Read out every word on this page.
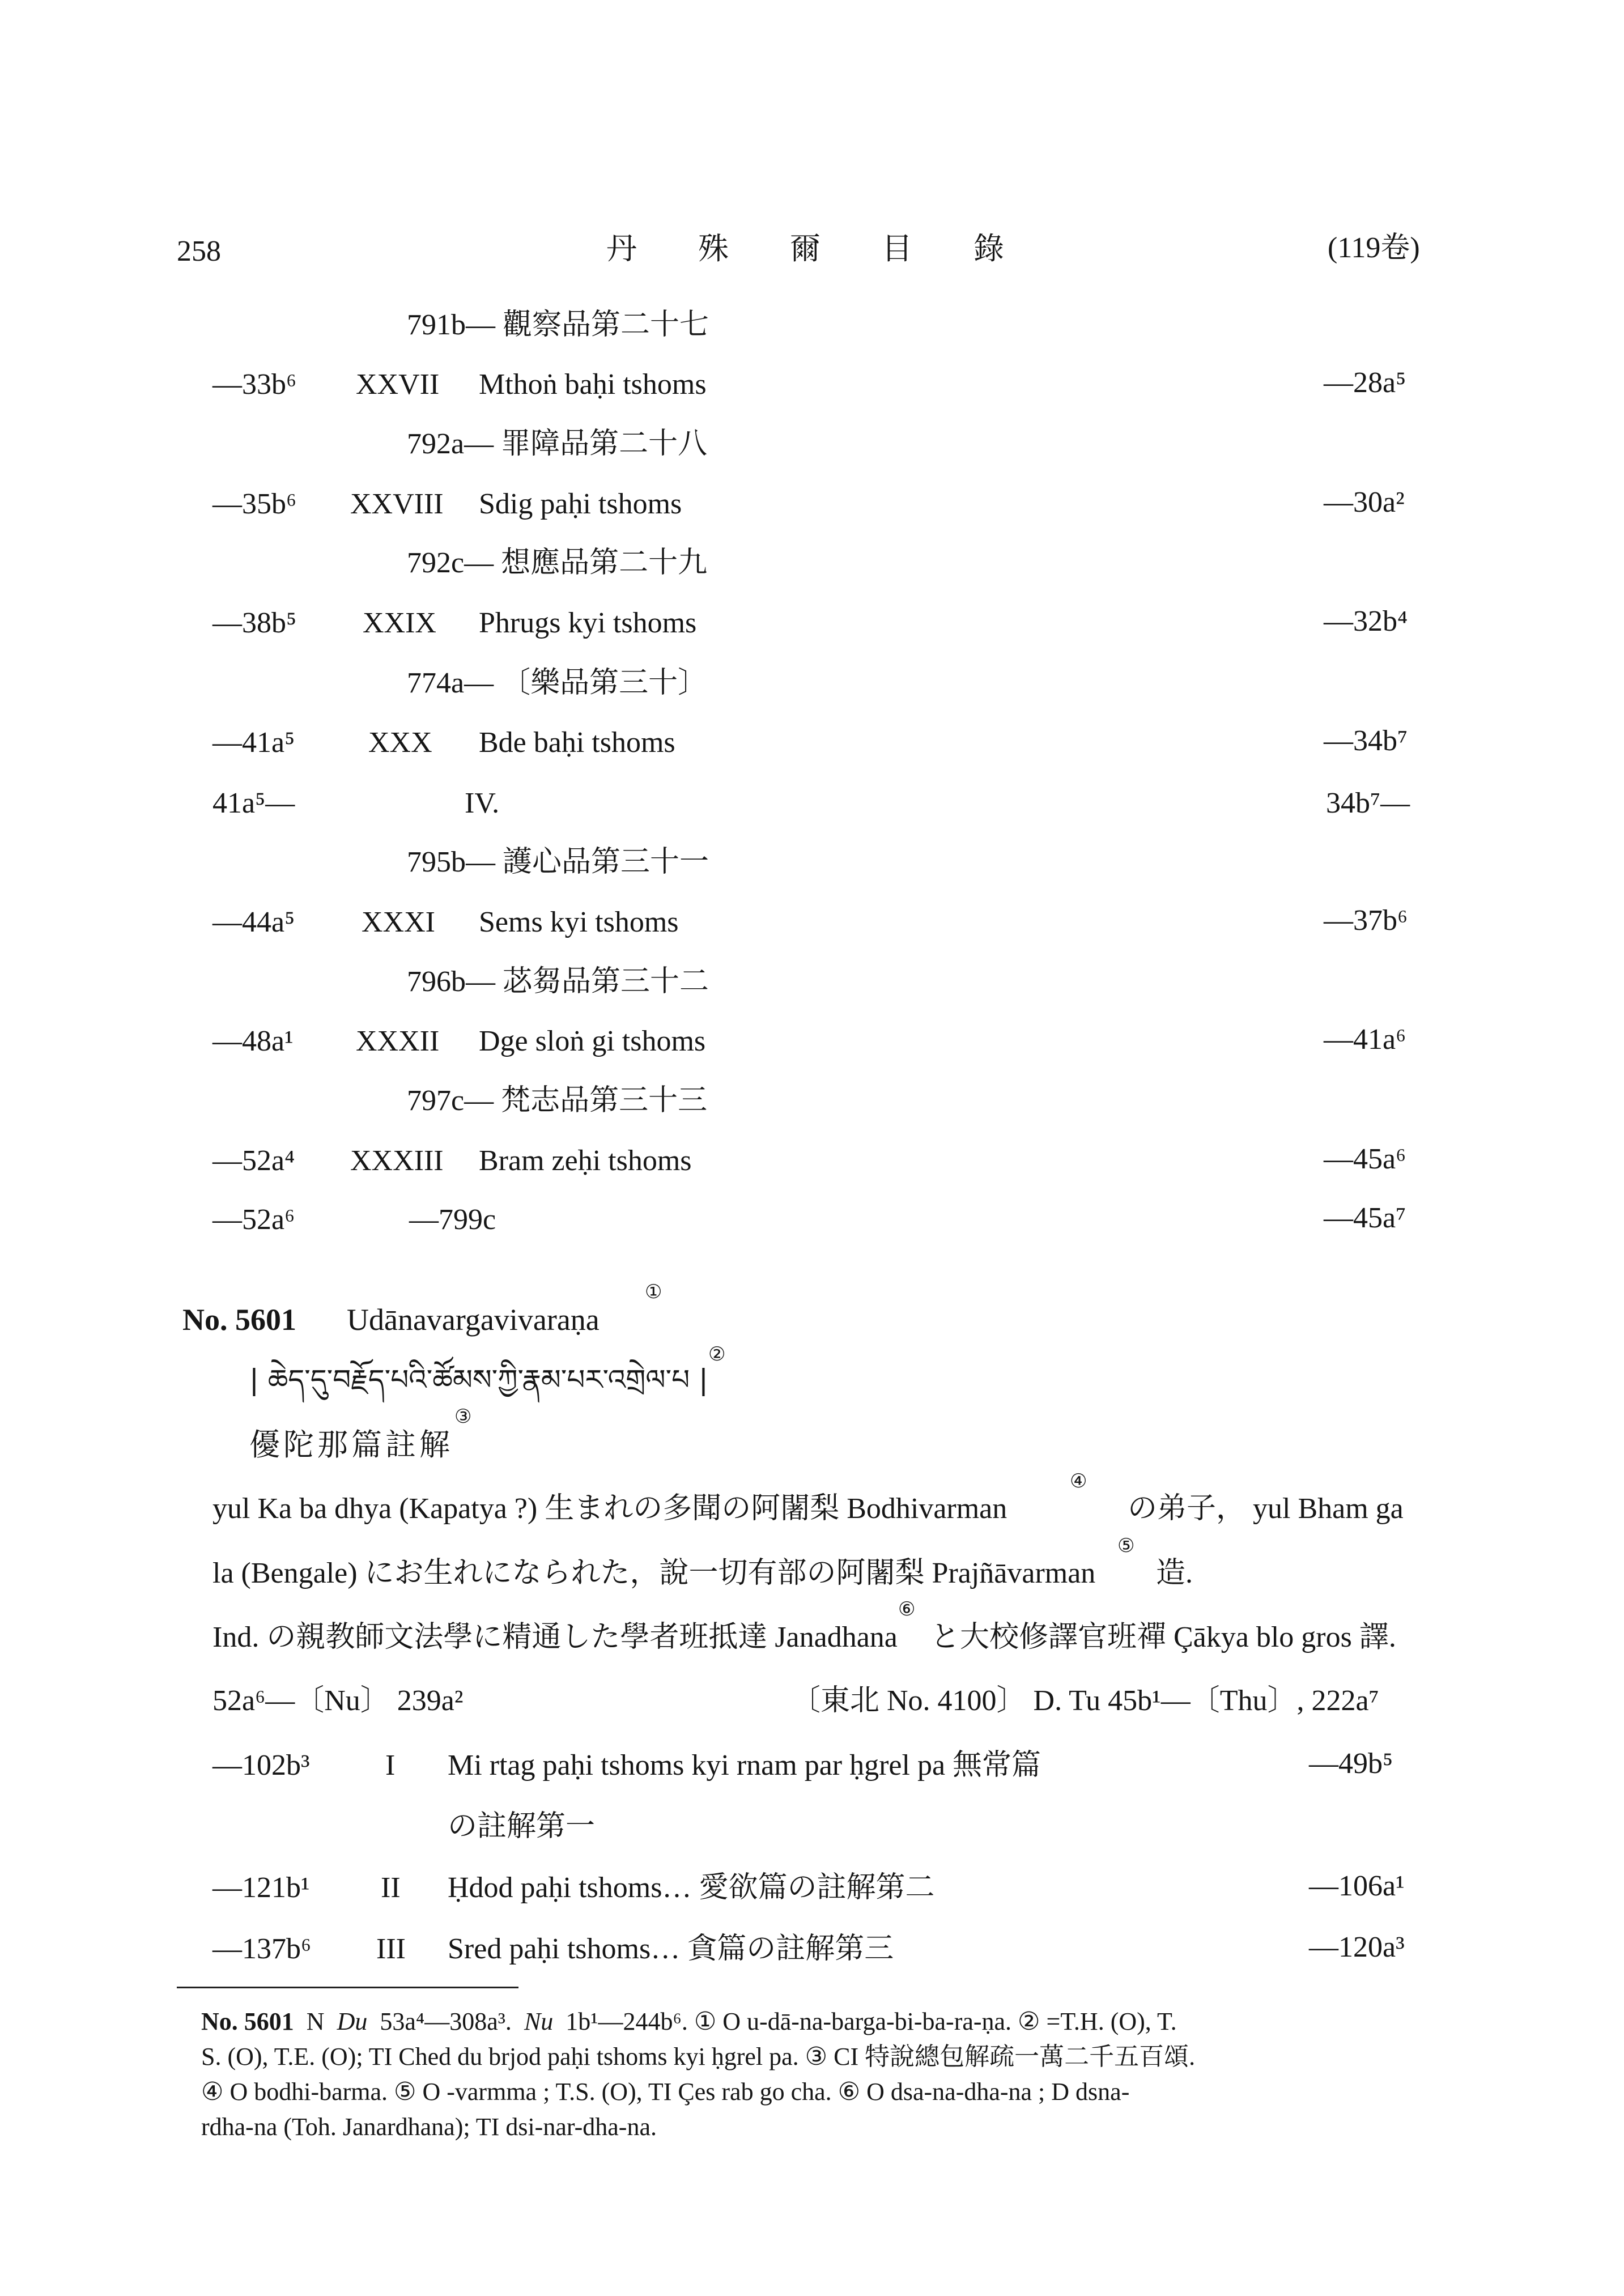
258	丹　　殊　　爾　　目　　錄	(119卷)
791b— 觀察品第二十七
—33b⁶ XXVII Mthoṅ baḥi tshoms	—28a⁵
792a— 罪障品第二十八
—35b⁶ XXVIII Sdig paḥi tshoms	—30a²
792c— 想應品第二十九
—38b⁵ XXIX Phrugs kyi tshoms	—32b⁴
774a— 〔樂品第三十〕
—41a⁵ XXX Bde baḥi tshoms	—34b⁷
41a⁵—	IV.	34b⁷—
795b— 護心品第三十一
—44a⁵ XXXI Sems kyi tshoms	—37b⁶
796b— 苾芻品第三十二
—48a¹ XXXII Dge sloṅ gi tshoms	—41a⁶
797c— 梵志品第三十三
—52a⁴ XXXIII Bram zeḥi tshoms	—45a⁶
—52a⁶	—799c	—45a⁷
No. 5601 Udānavargavivaraṇa
①
| ཆེད་དུ་བརྗོད་པའི་ཚོམས་ཀྱི་རྣམ་པར་འགྲེལ་པ |
②
優陀那篇註解
③
yul Ka ba dhya (Kapatya ?) 生まれの多聞の阿闍梨 Bodhivarman
④
の弟子， yul Bham ga
la (Bengale) にお生れになられた，說一切有部の阿闍梨 Prajñāvarman
⑤
造.
Ind. の親教師文法學に精通した學者班抵達 Janadhana
⑥
と大校修譯官班禪 Çākya blo gros 譯.
52a⁶—〔Nu〕 239a²	〔東北 No. 4100〕 D. Tu 45b¹—〔Thu〕, 222a⁷
—102b³	I Mi rtag paḥi tshoms kyi rnam par ḥgrel pa 無常篇	—49b⁵
の註解第一
—121b¹ II Ḥdod paḥi tshoms… 愛欲篇の註解第二	—106a¹
—137b⁶ III Sred paḥi tshoms… 貪篇の註解第三	—120a³
No. 5601 N Du 53a⁴—308a³. Nu 1b¹—244b⁶. ① O u-dā-na-barga-bi-ba-ra-ṇa. ② =T.H. (O), T.
S. (O), T.E. (O); TI Ched du brjod paḥi tshoms kyi ḥgrel pa. ③ CI 特說總包解疏一萬二千五百頌.
④ O bodhi-barma. ⑤ O -varmma ; T.S. (O), TI Çes rab go cha. ⑥ O dsa-na-dha-na ; D dsna-
rdha-na (Toh. Janardhana); TI dsi-nar-dha-na.
